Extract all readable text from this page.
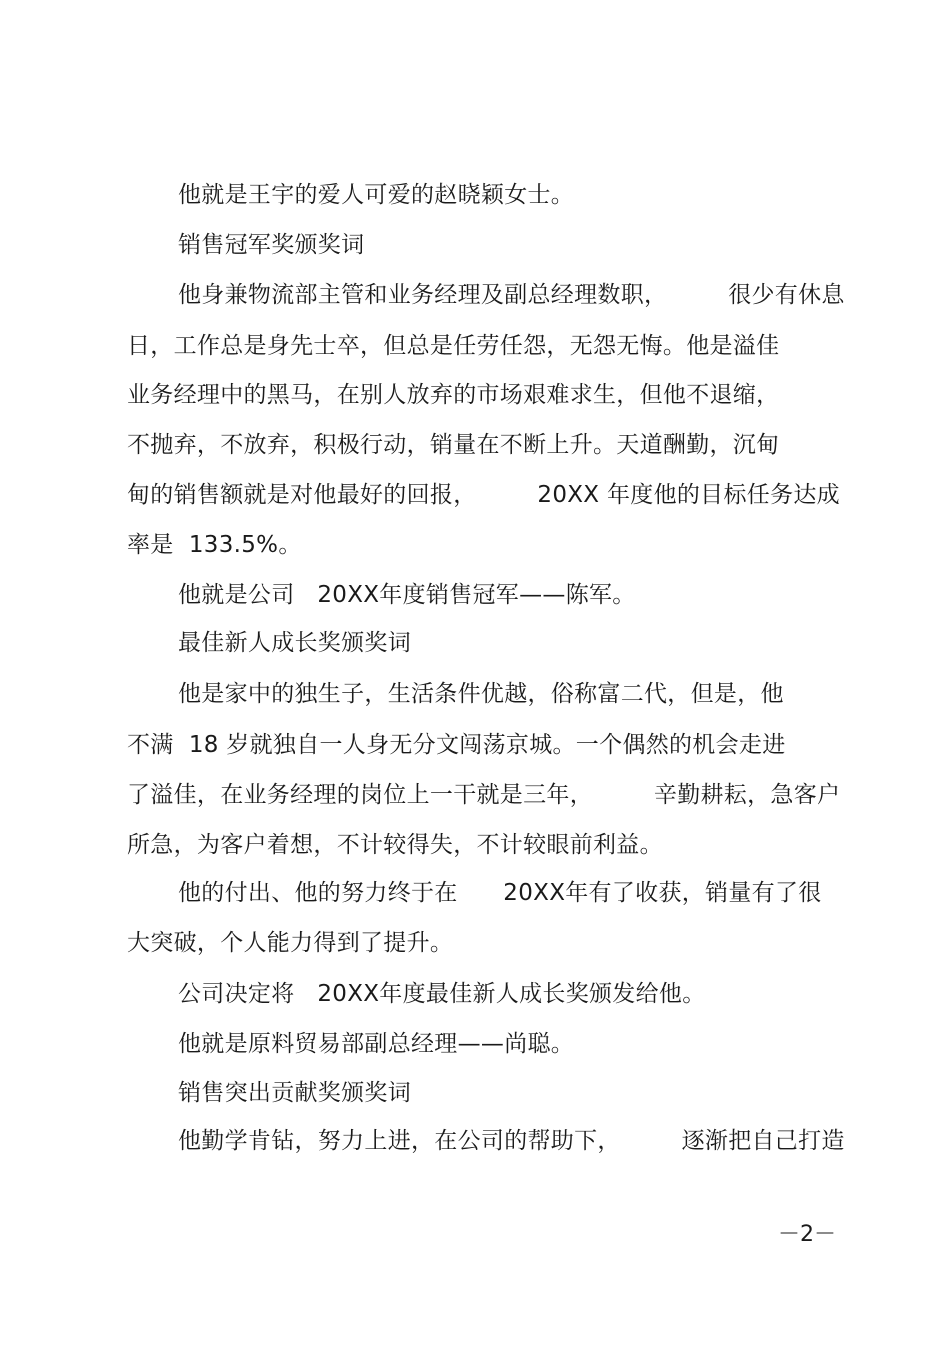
他就是王宇的爱人可爱的赵晓颖女士。
销售冠军奖颁奖词
他身兼物流部主管和业务经理及副总经理数职，        很少有休息
日，工作总是身先士卒，但总是任劳任怨，无怨无悔。他是溢佳
业务经理中的黑马，在别人放弃的市场艰难求生，但他不退缩，
不抛弃，不放弃，积极行动，销量在不断上升。天道酬勤，沉甸
甸的销售额就是对他最好的回报，        20XX 年度他的目标任务达成
率是  133.5%。
他就是公司   20XX年度销售冠军——陈军。
最佳新人成长奖颁奖词
他是家中的独生子，生活条件优越，俗称富二代，但是，他
不满  18 岁就独自一人身无分文闯荡京城。一个偶然的机会走进
了溢佳，在业务经理的岗位上一干就是三年，        辛勤耕耘，急客户
所急，为客户着想，不计较得失，不计较眼前利益。
他的付出、他的努力终于在      20XX年有了收获，销量有了很
大突破，个人能力得到了提升。
公司决定将   20XX年度最佳新人成长奖颁发给他。
他就是原料贸易部副总经理——尚聪。
销售突出贡献奖颁奖词
他勤学肯钻，努力上进，在公司的帮助下，        逐渐把自己打造
－2－
